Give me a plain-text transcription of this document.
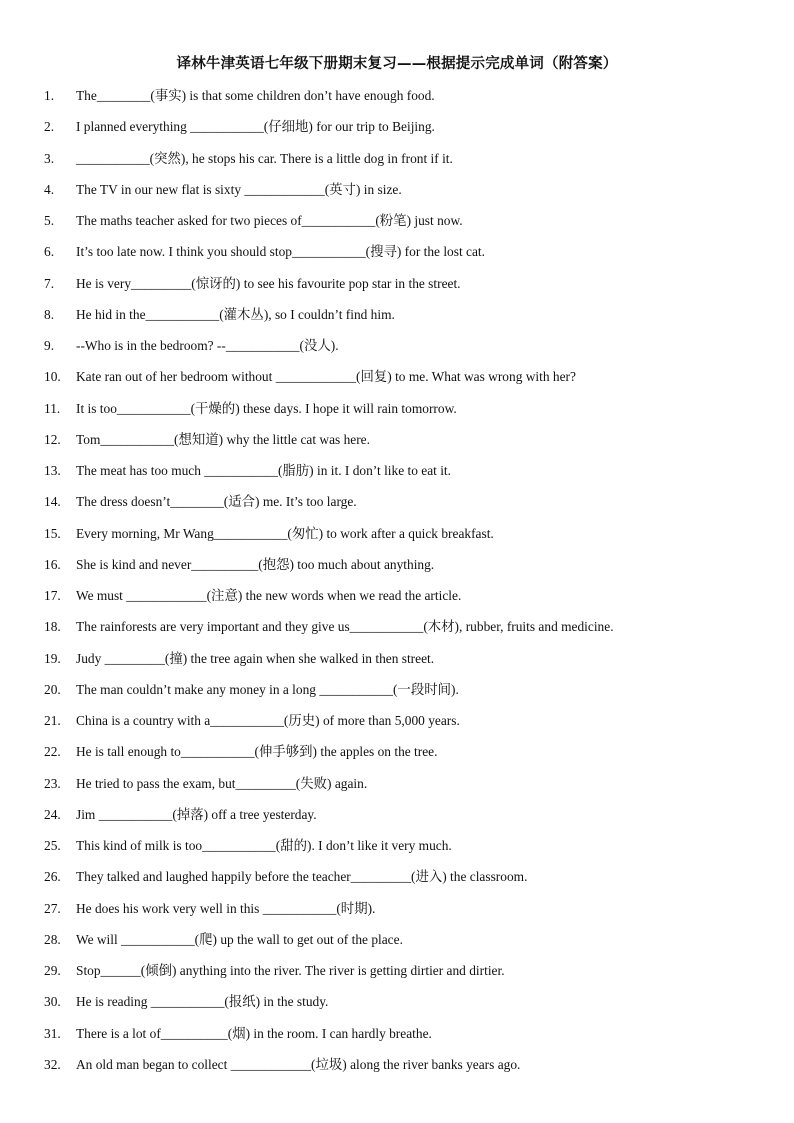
译林牛津英语七年级下册期末复习——根据提示完成单词（附答案）
1.	The________(事实) is that some children don’t have enough food.
2.	I planned everything ___________(仔细地) for our trip to Beijing.
3.	___________(突然), he stops his car. There is a little dog in front if it.
4.	The TV in our new flat is sixty ____________(英寸) in size.
5.	The maths teacher asked for two pieces of___________(粉笔) just now.
6.	It’s too late now. I think you should stop___________(搜寻) for the lost cat.
7.	He is very_________(惊讶的) to see his favourite pop star in the street.
8.	He hid in the___________(灌木丛), so I couldn’t find him.
9.	--Who is in the bedroom? --___________(没人).
10.	Kate ran out of her bedroom without ____________(回复) to me. What was wrong with her?
11.	It is too___________(干燥的) these days. I hope it will rain tomorrow.
12.	Tom___________(想知道) why the little cat was here.
13.	The meat has too much ___________(脂肪) in it. I don’t like to eat it.
14.	The dress doesn’t________(适合) me. It’s too large.
15.	Every morning, Mr Wang___________(匆忙) to work after a quick breakfast.
16.	She is kind and never__________(抱怨) too much about anything.
17.	We must ____________(注意) the new words when we read the article.
18.	The rainforests are very important and they give us___________(木材), rubber, fruits and medicine.
19.	Judy _________(撞) the tree again when she walked in then street.
20.	The man couldn’t make any money in a long ___________(一段时间).
21.	China is a country with a___________(历史) of more than 5,000 years.
22.	He is tall enough to___________(伸手够到) the apples on the tree.
23.	He tried to pass the exam, but_________(失败) again.
24.	Jim ___________(掉落) off a tree yesterday.
25.	This kind of milk is too___________(甜的). I don’t like it very much.
26.	They talked and laughed happily before the teacher_________(进入) the classroom.
27.	He does his work very well in this ___________(时期).
28.	We will ___________(爬) up the wall to get out of the place.
29.	Stop______(倾倒) anything into the river. The river is getting dirtier and dirtier.
30.	He is reading ___________(报纸) in the study.
31.	There is a lot of__________(烟) in the room. I can hardly breathe.
32.	An old man began to collect ____________(垃圾) along the river banks years ago.
